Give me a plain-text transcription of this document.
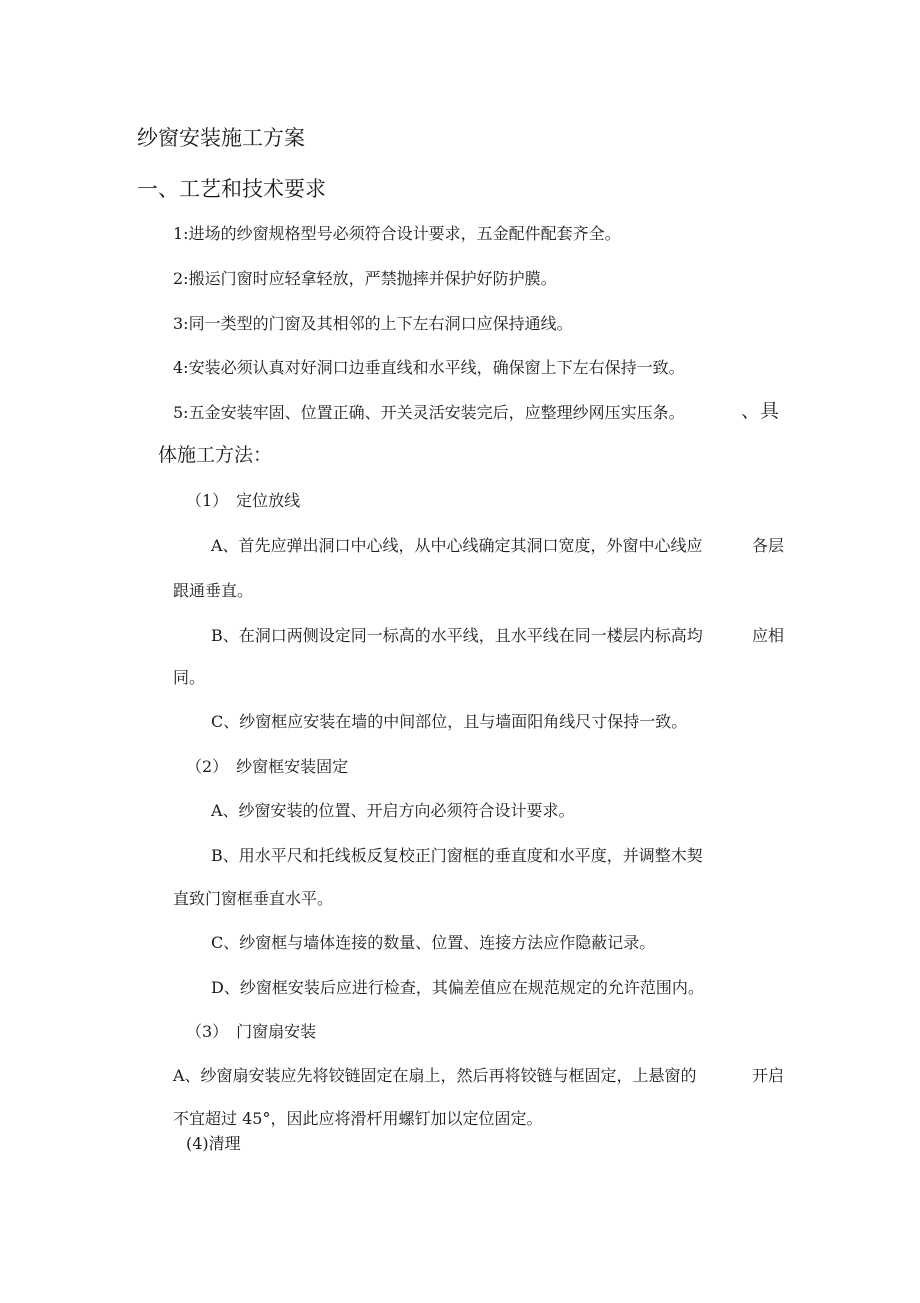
纱窗安装施工方案
一、工艺和技术要求
1:进场的纱窗规格型号必须符合设计要求，五金配件配套齐全。
2:搬运门窗时应轻拿轻放，严禁抛摔并保护好防护膜。
3:同一类型的门窗及其相邻的上下左右洞口应保持通线。
4:安装必须认真对好洞口边垂直线和水平线，确保窗上下左右保持一致。
5:五金安装牢固、位置正确、开关灵活安装完后，应整理纱网压实压条。	、具
体施工方法：
（1）　定位放线
A、首先应弹出洞口中心线，从中心线确定其洞口宽度，外窗中心线应	各层
跟通垂直。
B、在洞口两侧设定同一标高的水平线，且水平线在同一楼层内标高均	应相
同。
C、纱窗框应安装在墙的中间部位，且与墙面阳角线尺寸保持一致。
（2）　纱窗框安装固定
A、纱窗安装的位置、开启方向必须符合设计要求。
B、用水平尺和托线板反复校正门窗框的垂直度和水平度，并调整木契
直致门窗框垂直水平。
C、纱窗框与墙体连接的数量、位置、连接方法应作隐蔽记录。
D、纱窗框安装后应进行检查，其偏差值应在规范规定的允许范围内。
（3）　门窗扇安装
A、纱窗扇安装应先将铰链固定在扇上，然后再将铰链与框固定，上悬窗的	开启
不宜超过 45°，因此应将滑杆用螺钉加以定位固定。
(4)清理
